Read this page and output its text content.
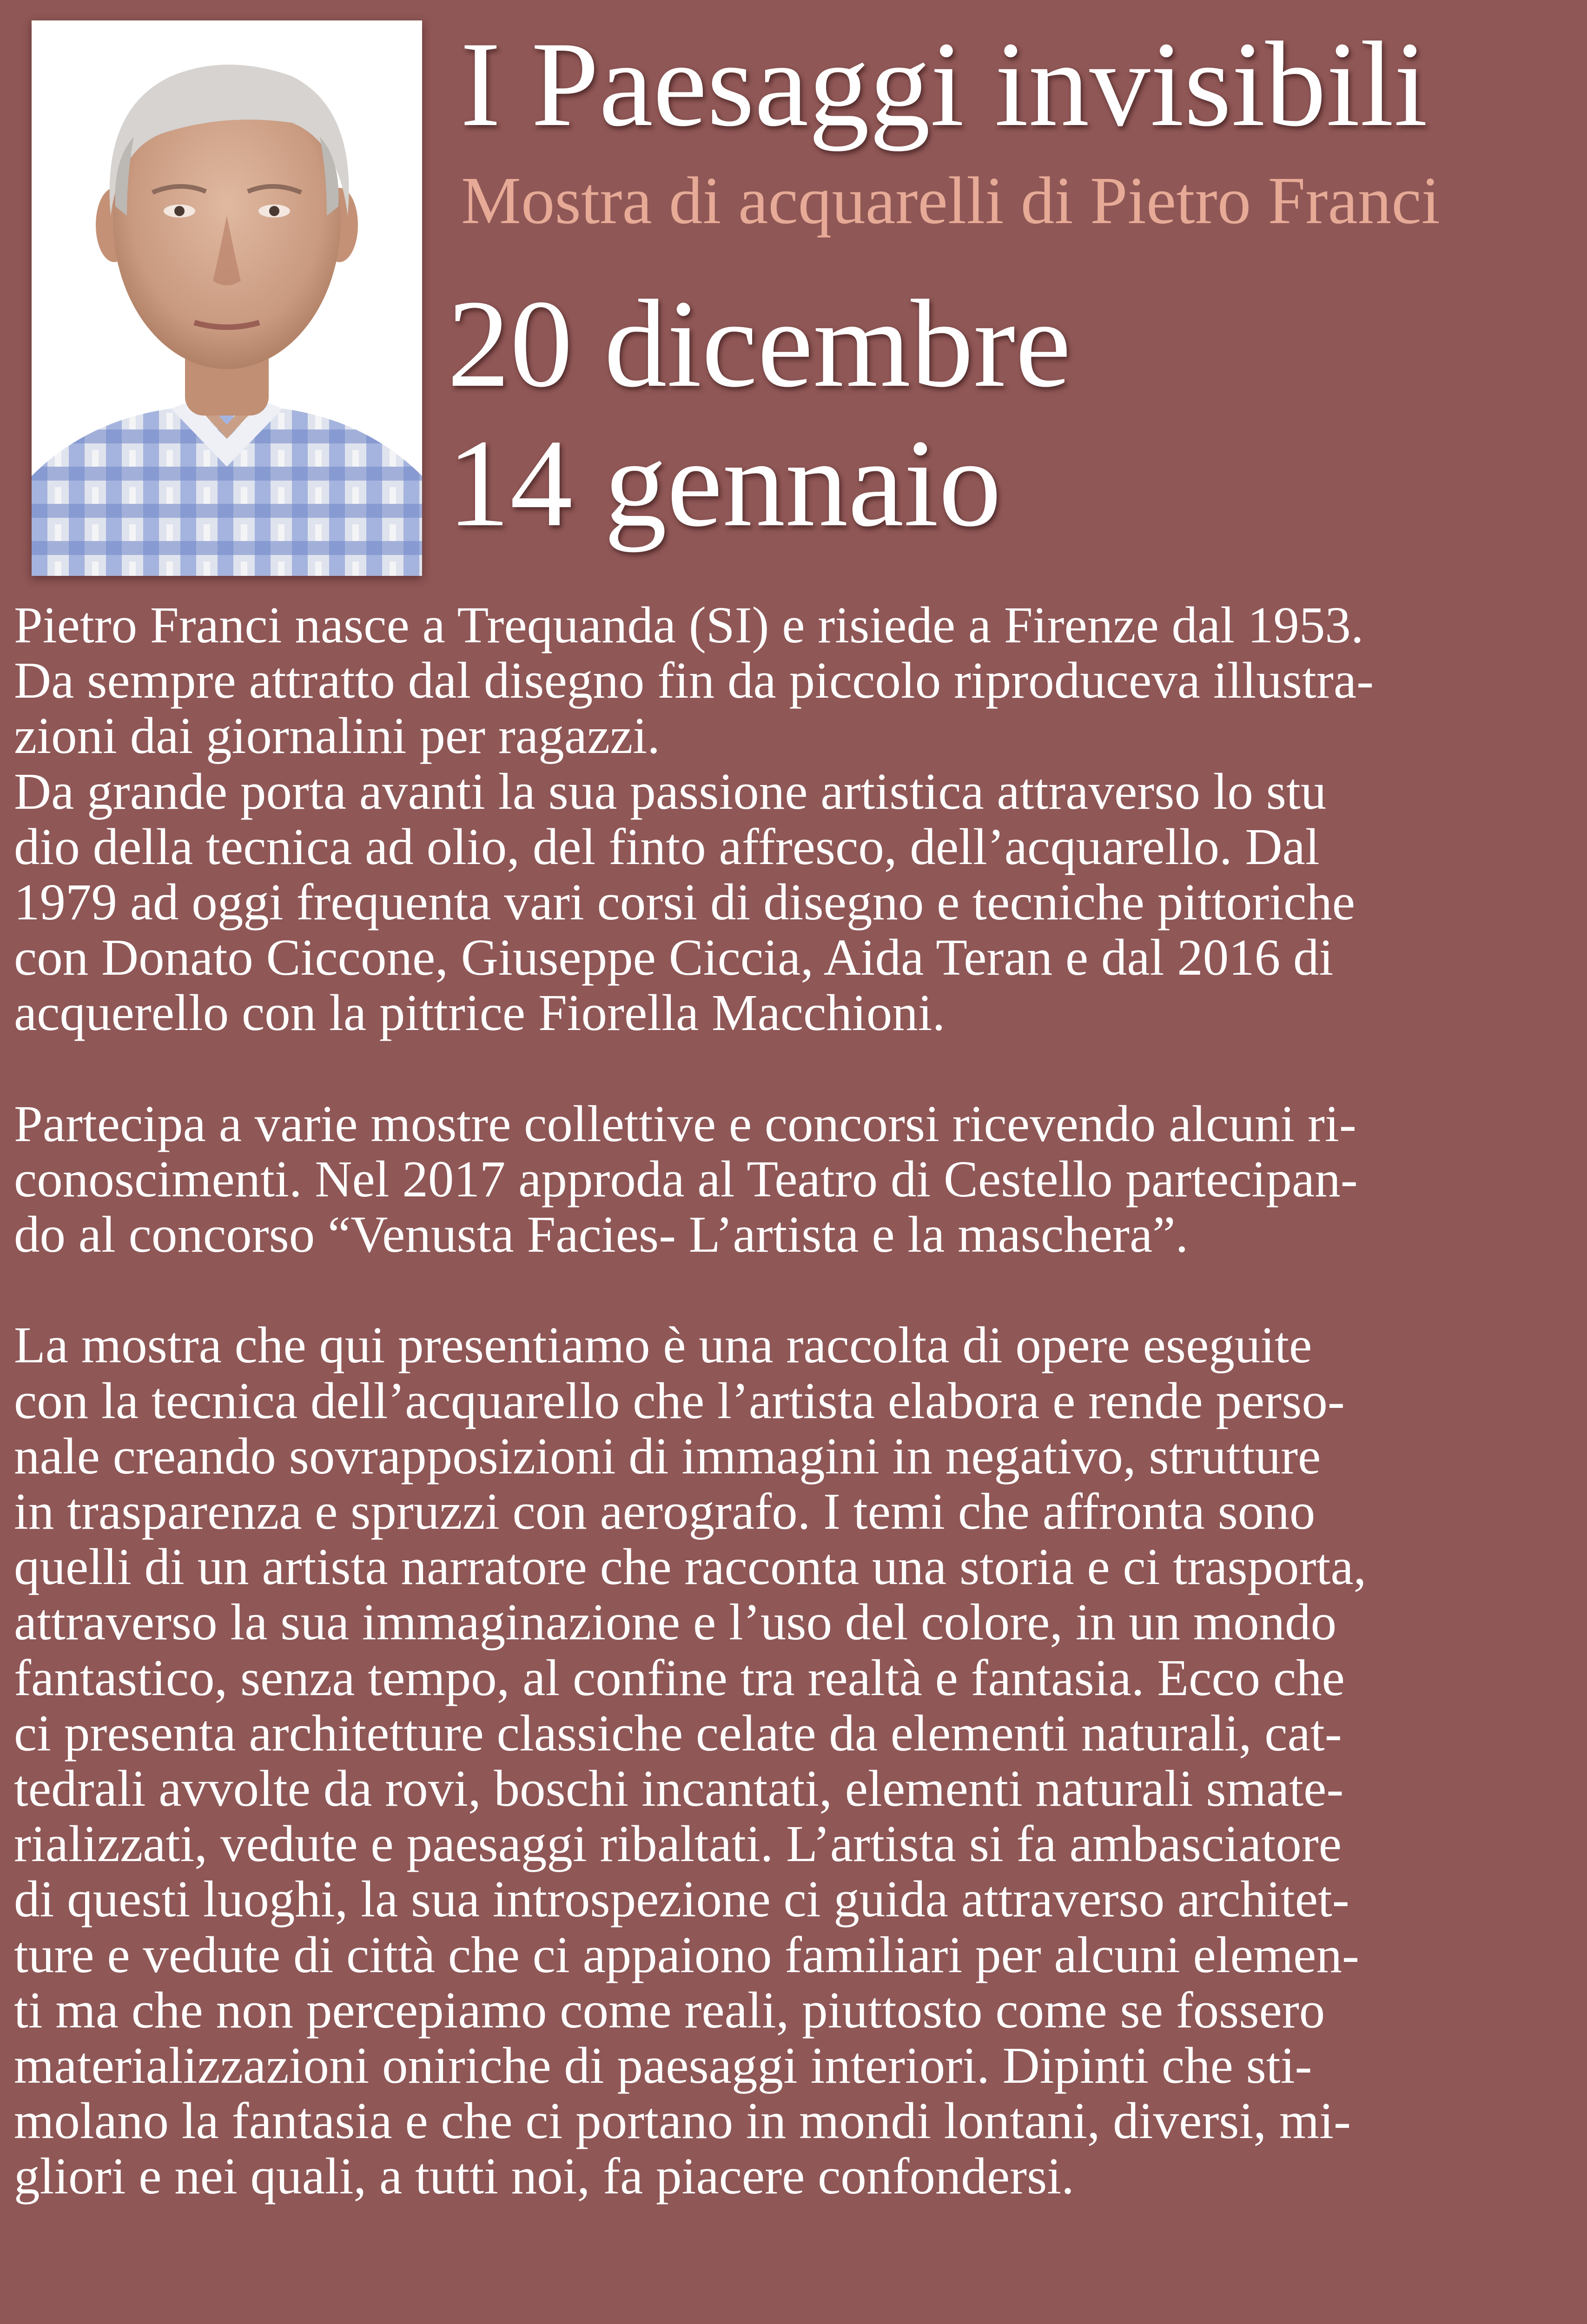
I Paesaggi invisibili
Mostra di acquarelli di Pietro Franci
20 dicembre
14 gennaio
Pietro Franci nasce a Trequanda (SI) e risiede a Firenze dal 1953.
Da sempre attratto dal disegno fin da piccolo riproduceva illustra-
zioni dai giornalini per ragazzi.
Da grande porta avanti la sua passione artistica attraverso lo stu
dio della tecnica ad olio, del finto affresco, dell’acquarello. Dal
1979 ad oggi frequenta vari corsi di disegno e tecniche pittoriche
con Donato Ciccone, Giuseppe Ciccia, Aida Teran e dal 2016 di
acquerello con la pittrice Fiorella Macchioni.
Partecipa a varie mostre collettive e concorsi ricevendo alcuni ri-
conoscimenti. Nel 2017 approda al Teatro di Cestello partecipan-
do al concorso “Venusta Facies- L’artista e la maschera”.
La mostra che qui presentiamo è una raccolta di opere eseguite
con la tecnica dell’acquarello che l’artista elabora e rende perso-
nale creando sovrapposizioni di immagini in negativo, strutture
in trasparenza e spruzzi con aerografo. I temi che affronta sono
quelli di un artista narratore che racconta una storia e ci trasporta,
attraverso la sua immaginazione e l’uso del colore, in un mondo
fantastico, senza tempo, al confine tra realtà e fantasia. Ecco che
ci presenta architetture classiche celate da elementi naturali, cat-
tedrali avvolte da rovi, boschi incantati, elementi naturali smate-
rializzati, vedute e paesaggi ribaltati. L’artista si fa ambasciatore
di questi luoghi, la sua introspezione ci guida attraverso architet-
ture e vedute di città che ci appaiono familiari per alcuni elemen-
ti ma che non percepiamo come reali, piuttosto come se fossero
materializzazioni oniriche di paesaggi interiori. Dipinti che sti-
molano la fantasia e che ci portano in mondi lontani, diversi, mi-
gliori e nei quali, a tutti noi, fa piacere confondersi.
